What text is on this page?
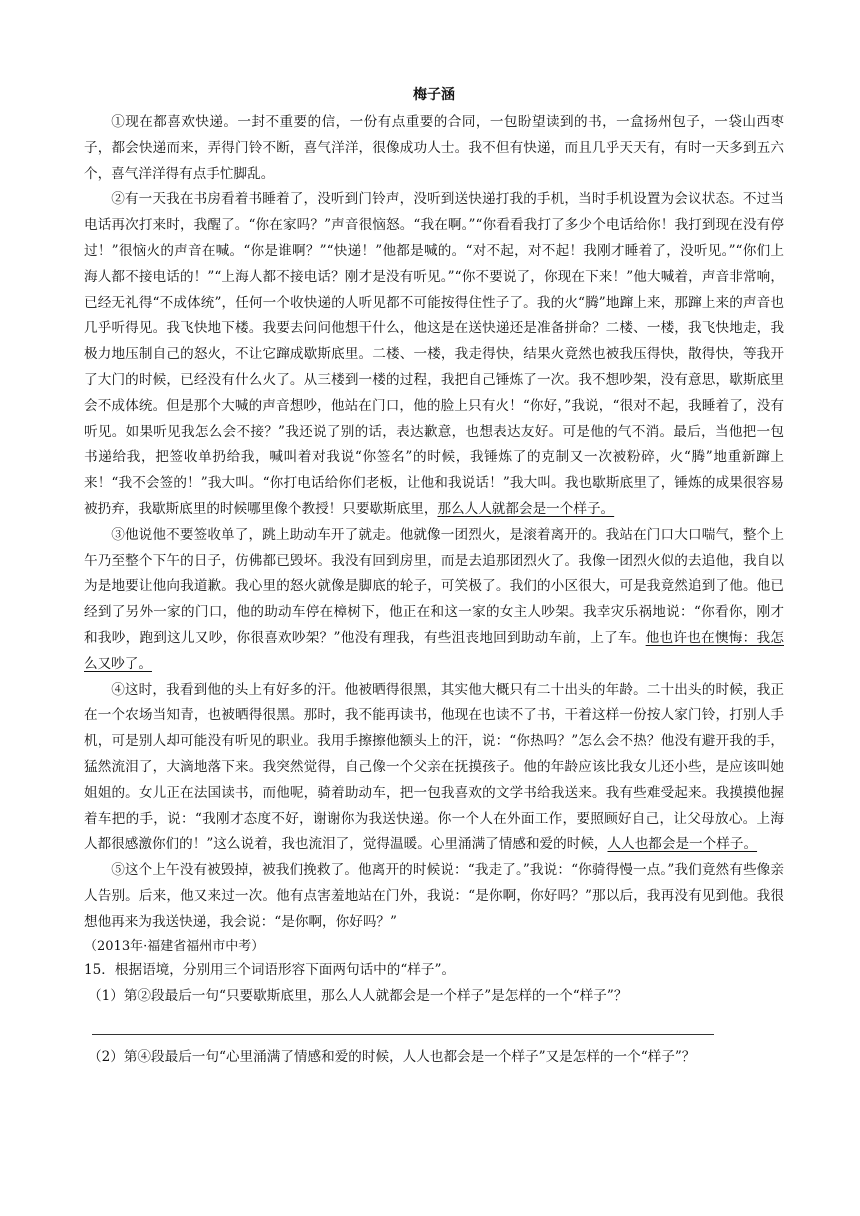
梅子涵

①现在都喜欢快递。一封不重要的信，一份有点重要的合同，一包盼望读到的书，一盒扬州包子，一袋山西枣子，都会快递而来，弄得门铃不断，喜气洋洋，很像成功人士。我不但有快递，而且几乎天天有，有时一天多到五六个，喜气洋洋得有点手忙脚乱。

②有一天我在书房看着书睡着了，没听到门铃声，没听到送快递打我的手机，当时手机设置为会议状态。不过当电话再次打来时，我醒了。“你在家吗？”声音很恼怒。“我在啊。”“你看看我打了多少个电话给你！我打到现在没有停过！”很恼火的声音在喊。“你是谁啊？”“快递！”他都是喊的。“对不起，对不起！我刚才睡着了，没听见。”“你们上海人都不接电话的！”“上海人都不接电话？刚才是没有听见。”“你不要说了，你现在下来！”他大喊着，声音非常响，已经无礼得“不成体统”，任何一个收快递的人听见都不可能按得住性子了。我的火“腾”地蹿上来，那蹿上来的声音也几乎听得见。我飞快地下楼。我要去问问他想干什么，他这是在送快递还是准备拼命？二楼、一楼，我飞快地走，我极力地压制自己的怒火，不让它蹿成歇斯底里。二楼、一楼，我走得快，结果火竟然也被我压得快，散得快，等我开了大门的时候，已经没有什么火了。从三楼到一楼的过程，我把自己锤炼了一次。我不想吵架，没有意思，歇斯底里会不成体统。但是那个大喊的声音想吵，他站在门口，他的脸上只有火！“你好，”我说，“很对不起，我睡着了，没有听见。如果听见我怎么会不接？”我还说了别的话，表达歉意，也想表达友好。可是他的气不消。最后，当他把一包书递给我，把签收单扔给我，喊叫着对我说“你签名”的时候，我锤炼了的克制又一次被粉碎，火“腾”地重新蹿上来！“我不会签的！”我大叫。“你打电话给你们老板，让他和我说话！”我大叫。我也歇斯底里了，锤炼的成果很容易被扔弃，我歇斯底里的时候哪里像个教授！只要歇斯底里，那么人人就都会是一个样子。

③他说他不要签收单了，跳上助动车开了就走。他就像一团烈火，是滚着离开的。我站在门口大口喘气，整个上午乃至整个下午的日子，仿佛都已毁坏。我没有回到房里，而是去追那团烈火了。我像一团烈火似的去追他，我自以为是地要让他向我道歉。我心里的怒火就像是脚底的轮子，可笑极了。我们的小区很大，可是我竟然追到了他。他已经到了另外一家的门口，他的助动车停在樟树下，他正在和这一家的女主人吵架。我幸灾乐祸地说：“你看你，刚才和我吵，跑到这儿又吵，你很喜欢吵架？”他没有理我，有些沮丧地回到助动车前，上了车。他也许也在懊悔：我怎么又吵了。

④这时，我看到他的头上有好多的汗。他被晒得很黑，其实他大概只有二十出头的年龄。二十出头的时候，我正在一个农场当知青，也被晒得很黑。那时，我不能再读书，他现在也读不了书，干着这样一份按人家门铃，打别人手机，可是别人却可能没有听见的职业。我用手擦擦他额头上的汗，说：“你热吗？”怎么会不热？他没有避开我的手，猛然流泪了，大滴地落下来。我突然觉得，自己像一个父亲在抚摸孩子。他的年龄应该比我女儿还小些，是应该叫她姐姐的。女儿正在法国读书，而他呢，骑着助动车，把一包我喜欢的文学书给我送来。我有些难受起来。我摸摸他握着车把的手，说：“我刚才态度不好，谢谢你为我送快递。你一个人在外面工作，要照顾好自己，让父母放心。上海人都很感激你们的！”这么说着，我也流泪了，觉得温暖。心里涌满了情感和爱的时候，人人也都会是一个样子。

⑤这个上午没有被毁掉，被我们挽救了。他离开的时候说：“我走了。”我说：“你骑得慢一点。”我们竟然有些像亲人告别。后来，他又来过一次。他有点害羞地站在门外，我说：“是你啊，你好吗？”那以后，我再没有见到他。我很想他再来为我送快递，我会说：“是你啊，你好吗？”

（2013年·福建省福州市中考）

15．根据语境，分别用三个词语形容下面两句话中的“样子”。

（1）第②段最后一句“只要歇斯底里，那么人人就都会是一个样子”是怎样的一个“样子”？

（2）第④段最后一句“心里涌满了情感和爱的时候，人人也都会是一个样子”又是怎样的一个“样子”？
